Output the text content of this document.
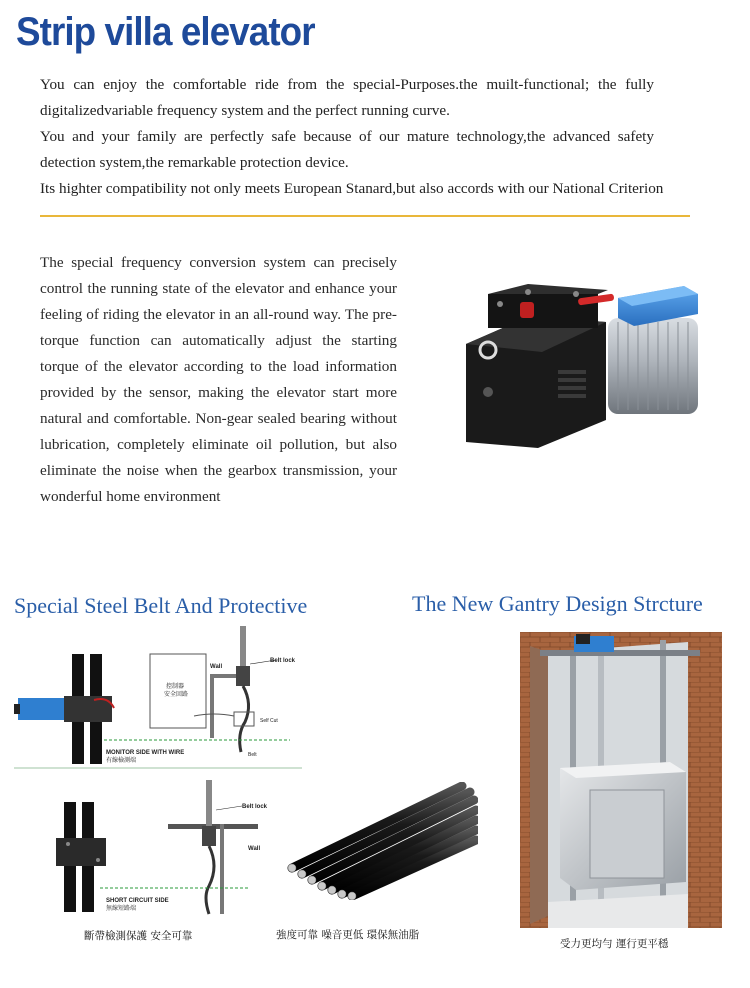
Strip villa elevator

You can enjoy the comfortable ride from the special-Purposes.the muilt-functional; the fully digitalizedvariable frequency system and the perfect running curve.

You and your family are perfectly safe because of our mature technology,the advanced safety detection system,the remarkable protection device.

Its highter compatibility not only meets European Stanard,but also accords with our National Criterion

The special frequency conversion system can precisely control the running state of the elevator and enhance your feeling of riding the elevator in an all-round way. The pre-torque function can automatically adjust the starting torque of the elevator according to the load information provided by the sensor, making the elevator start more natural and comfortable. Non-gear sealed bearing without lubrication, completely eliminate oil pollution, but also eliminate the noise when the gearbox transmission, your wonderful home environment
Special Steel Belt And Protective	The New Gantry Design Strcture
控制器
安全回路
Wall
Belt lock
Self Cut
Belt
MONITOR SIDE WITH WIRE
有線檢測端
Wall
Belt lock
SHORT CIRCUIT SIDE
無線短路端
斷帶檢測保護 安全可靠	強度可靠 噪音更低 環保無油脂
受力更均勻 運行更平穩
